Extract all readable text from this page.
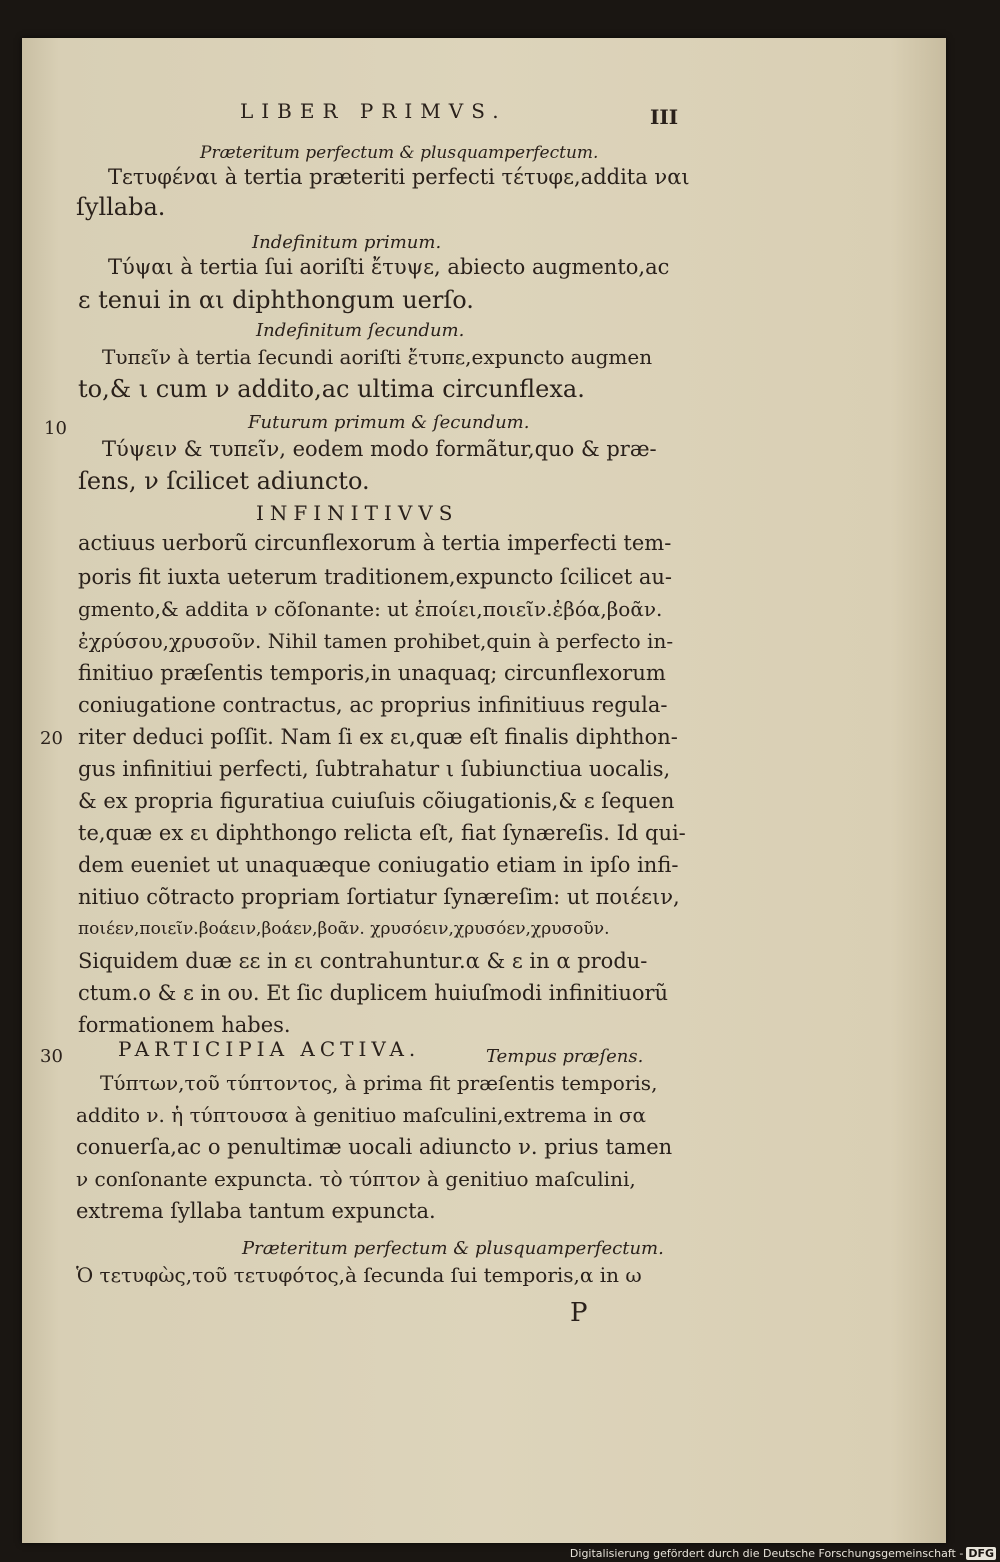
LIBER PRIMVS.	III
Præteritum perfectum & plusquamperfectum.
Τετυφέναι à tertia præteriti perfecti τέτυφε,addita ναι
ſyllaba.
Indefinitum primum.
Τύψαι à tertia ſui aoriſti ἔτυψε, abiecto augmento,ac
ε tenui in αι diphthongum uerſo.
Indefinitum ſecundum.
Τυπεῖν à tertia ſecundi aoriſti ἔτυπε,expuncto augmen
to,& ι cum ν addito,ac ultima circunflexa.
10	Futurum primum & ſecundum.
Τύψειν & τυπεῖν, eodem modo formãtur,quo & præ-
ſens, ν ſcilicet adiuncto.
INFINITIVVS
actiuus uerborũ circunflexorum à tertia imperfecti tem-
poris fit iuxta ueterum traditionem,expuncto ſcilicet au-
gmento,& addita ν cõſonante: ut ἐποίει,ποιεῖν.ἐβόα,βοᾶν.
ἐχρύσου,χρυσοῦν. Nihil tamen prohibet,quin à perfecto in-
finitiuo præſentis temporis,in unaquaq; circunflexorum
coniugatione contractus, ac proprius infinitiuus regula-
20 riter deduci poſſit. Nam ſi ex ει,quæ eſt finalis diphthon-
gus infinitiui perfecti, ſubtrahatur ι ſubiunctiua uocalis,
& ex propria figuratiua cuiuſuis cõiugationis,& ε ſequen
te,quæ ex ει diphthongo relicta eſt, fiat ſynæreſis. Id qui-
dem eueniet ut unaquæque coniugatio etiam in ipſo infi-
nitiuo cõtracto propriam ſortiatur ſynæreſim: ut ποιέειν,
ποιέεν,ποιεῖν.βοάειν,βοάεν,βοᾶν. χρυσόειν,χρυσόεν,χρυσοῦν.
Siquidem duæ εε in ει contrahuntur.α & ε in α produ-
ctum.ο & ε in ου. Et ſic duplicem huiuſmodi infinitiuorũ
formationem habes.
30	PARTICIPIA ACTIVA.	Tempus præſens.
Τύπτων,τοῦ τύπτοντος, à prima fit præſentis temporis,
addito ν. ἡ τύπτουσα à genitiuo maſculini,extrema in σα
conuerſa,ac ο penultimæ uocali adiuncto ν. prius tamen
ν conſonante expuncta. τὸ τύπτον à genitiuo maſculini,
extrema ſyllaba tantum expuncta.
Præteritum perfectum & plusquamperfectum.
Ὁ τετυφὼς,τοῦ τετυφότος,à ſecunda ſui temporis,α in ω
P
Digitalisierung gefördert durch die Deutsche Forschungsgemeinschaft - DFG
